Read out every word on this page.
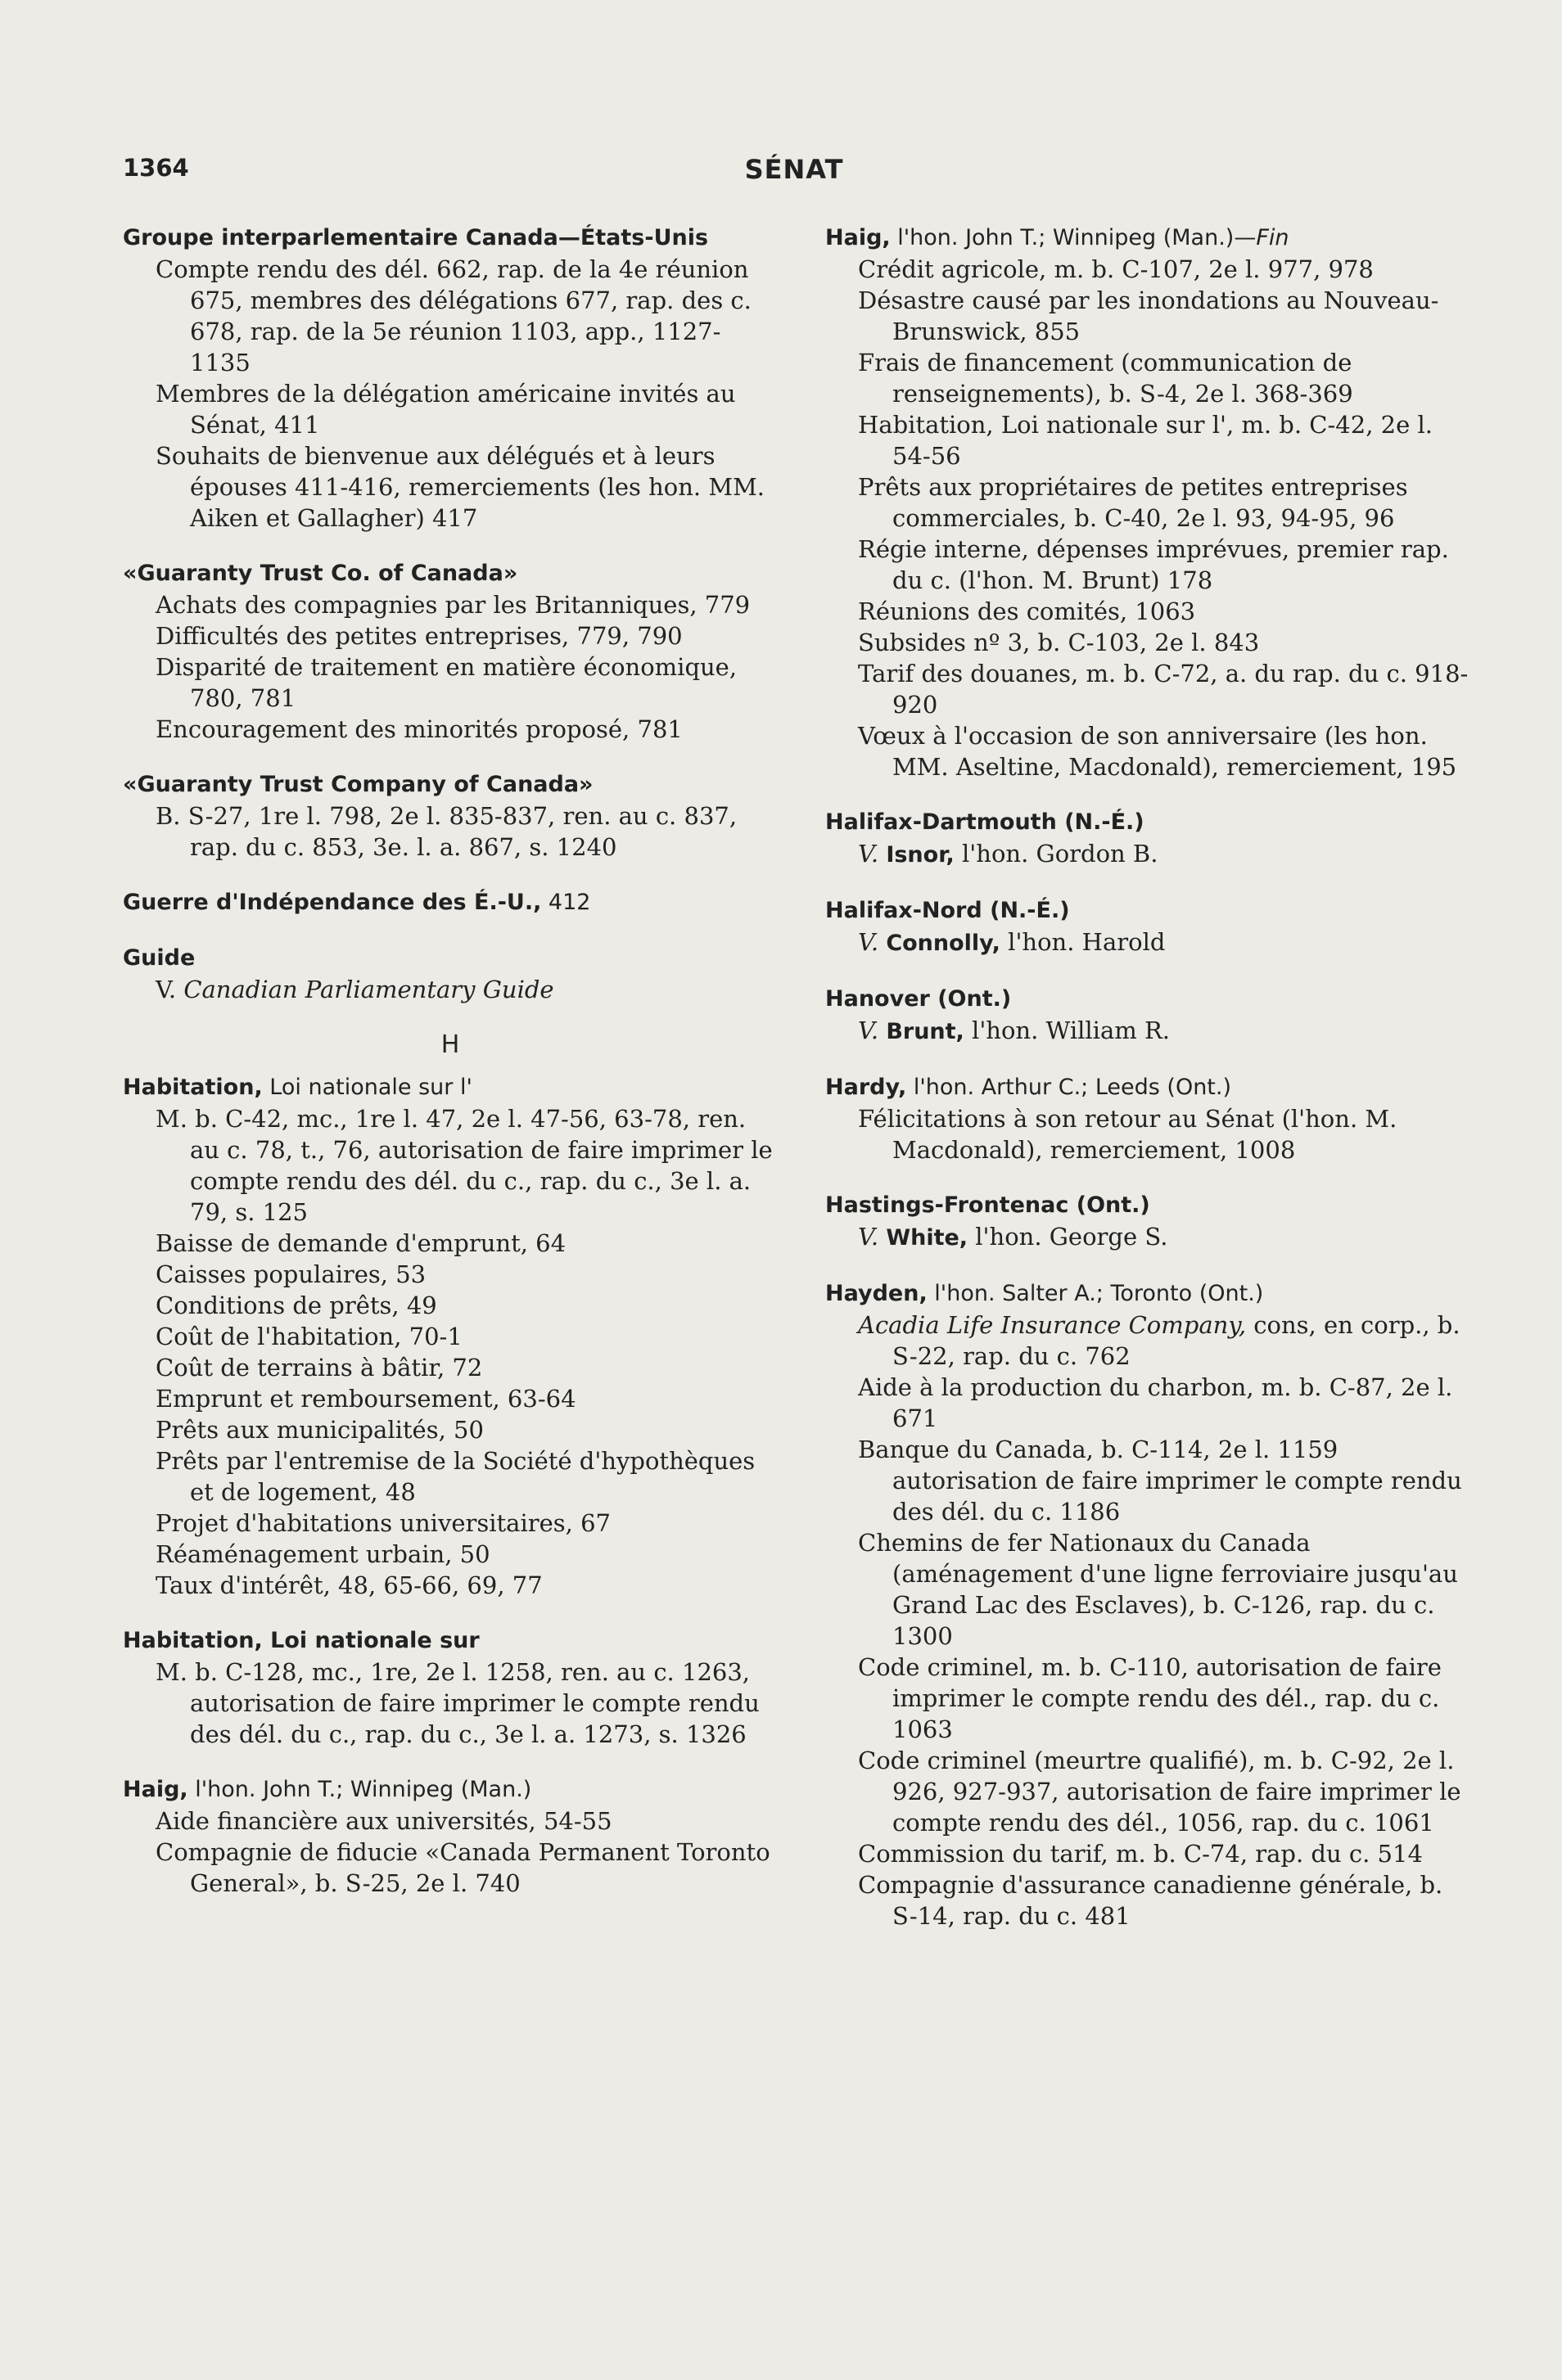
1364	SÉNAT
Groupe interparlementaire Canada—États-Unis
Compte rendu des dél. 662, rap. de la 4e réunion 675, membres des délégations 677, rap. des c. 678, rap. de la 5e réunion 1103, app., 1127-1135
Membres de la délégation américaine invités au Sénat, 411
Souhaits de bienvenue aux délégués et à leurs épouses 411-416, remerciements (les hon. MM. Aiken et Gallagher) 417
«Guaranty Trust Co. of Canada»
Achats des compagnies par les Britanniques, 779
Difficultés des petites entreprises, 779, 790
Disparité de traitement en matière économique, 780, 781
Encouragement des minorités proposé, 781
«Guaranty Trust Company of Canada»
B. S-27, 1re l. 798, 2e l. 835-837, ren. au c. 837, rap. du c. 853, 3e. l. a. 867, s. 1240
Guerre d'Indépendance des É.-U., 412
Guide
V. Canadian Parliamentary Guide
H
Habitation, Loi nationale sur l'
M. b. C-42, mc., 1re l. 47, 2e l. 47-56, 63-78, ren. au c. 78, t., 76, autorisation de faire imprimer le compte rendu des dél. du c., rap. du c., 3e l. a. 79, s. 125
Baisse de demande d'emprunt, 64
Caisses populaires, 53
Conditions de prêts, 49
Coût de l'habitation, 70-1
Coût de terrains à bâtir, 72
Emprunt et remboursement, 63-64
Prêts aux municipalités, 50
Prêts par l'entremise de la Société d'hypothèques et de logement, 48
Projet d'habitations universitaires, 67
Réaménagement urbain, 50
Taux d'intérêt, 48, 65-66, 69, 77
Habitation, Loi nationale sur
M. b. C-128, mc., 1re, 2e l. 1258, ren. au c. 1263, autorisation de faire imprimer le compte rendu des dél. du c., rap. du c., 3e l. a. 1273, s. 1326
Haig, l'hon. John T.; Winnipeg (Man.)
Aide financière aux universités, 54-55
Compagnie de fiducie «Canada Permanent Toronto General», b. S-25, 2e l. 740
Haig, l'hon. John T.; Winnipeg (Man.)—Fin
Crédit agricole, m. b. C-107, 2e l. 977, 978
Désastre causé par les inondations au Nouveau-Brunswick, 855
Frais de financement (communication de renseignements), b. S-4, 2e l. 368-369
Habitation, Loi nationale sur l', m. b. C-42, 2e l. 54-56
Prêts aux propriétaires de petites entreprises commerciales, b. C-40, 2e l. 93, 94-95, 96
Régie interne, dépenses imprévues, premier rap. du c. (l'hon. M. Brunt) 178
Réunions des comités, 1063
Subsides nº 3, b. C-103, 2e l. 843
Tarif des douanes, m. b. C-72, a. du rap. du c. 918-920
Vœux à l'occasion de son anniversaire (les hon. MM. Aseltine, Macdonald), remerciement, 195
Halifax-Dartmouth (N.-É.)
V. Isnor, l'hon. Gordon B.
Halifax-Nord (N.-É.)
V. Connolly, l'hon. Harold
Hanover (Ont.)
V. Brunt, l'hon. William R.
Hardy, l'hon. Arthur C.; Leeds (Ont.)
Félicitations à son retour au Sénat (l'hon. M. Macdonald), remerciement, 1008
Hastings-Frontenac (Ont.)
V. White, l'hon. George S.
Hayden, l'hon. Salter A.; Toronto (Ont.)
Acadia Life Insurance Company, cons, en corp., b. S-22, rap. du c. 762
Aide à la production du charbon, m. b. C-87, 2e l. 671
Banque du Canada, b. C-114, 2e l. 1159 autorisation de faire imprimer le compte rendu des dél. du c. 1186
Chemins de fer Nationaux du Canada (aménagement d'une ligne ferroviaire jusqu'au Grand Lac des Esclaves), b. C-126, rap. du c. 1300
Code criminel, m. b. C-110, autorisation de faire imprimer le compte rendu des dél., rap. du c. 1063
Code criminel (meurtre qualifié), m. b. C-92, 2e l. 926, 927-937, autorisation de faire imprimer le compte rendu des dél., 1056, rap. du c. 1061
Commission du tarif, m. b. C-74, rap. du c. 514
Compagnie d'assurance canadienne générale, b. S-14, rap. du c. 481
